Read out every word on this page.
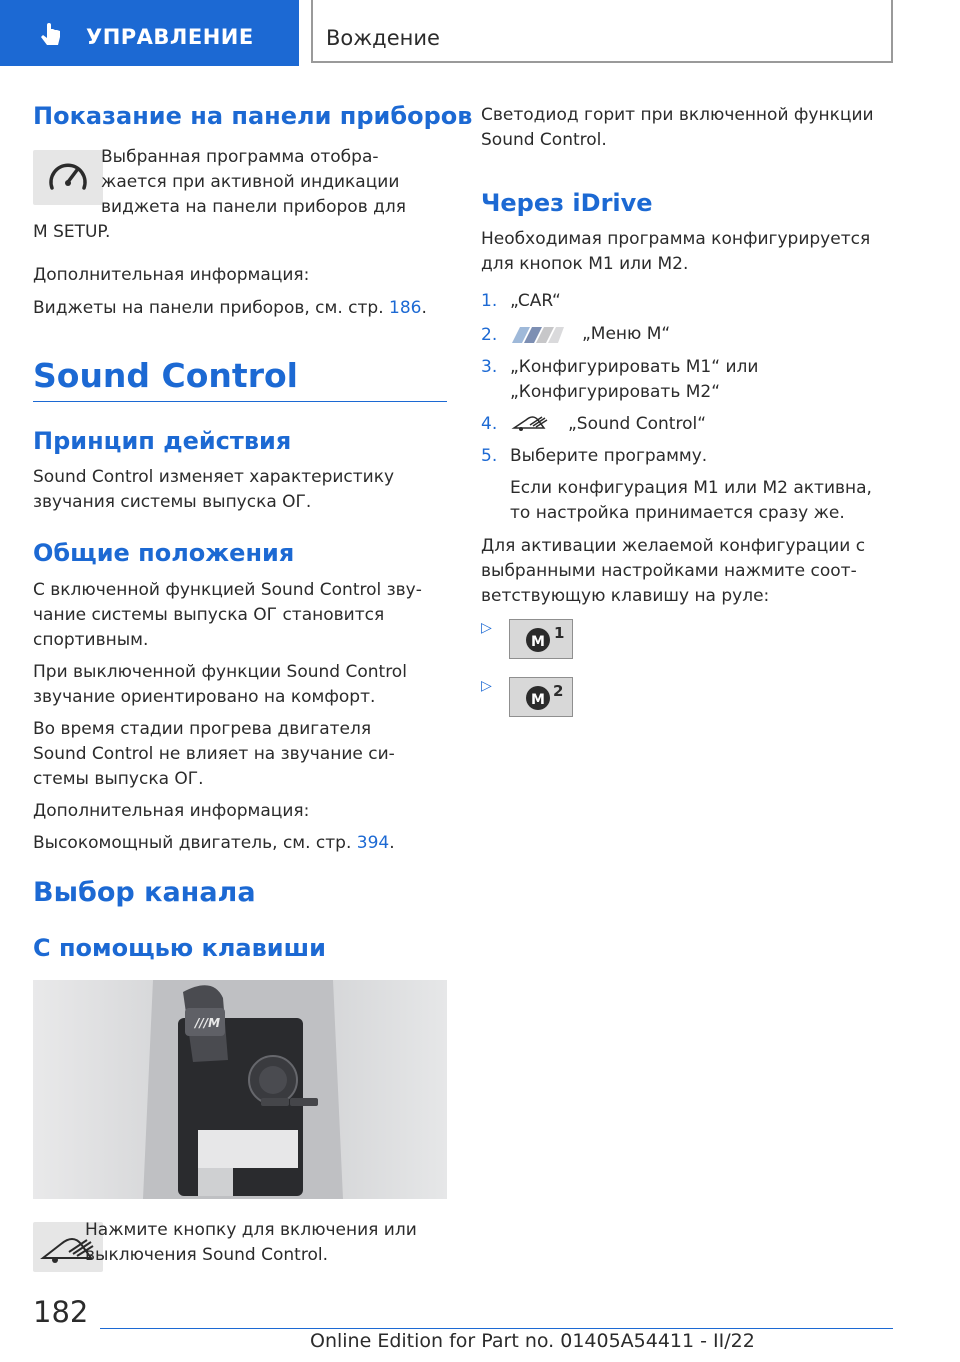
УПРАВЛЕНИЕ	Вождение
Показание на панели приборов

Выбранная программа отобра-

жается при активной индикации

виджета на панели приборов для

M SETUP.

Дополнительная информация:

Виджеты на панели приборов, см. стр. 186.

Sound Control
Принцип действия

Sound Control изменяет характеристику

звучания системы выпуска ОГ.

Общие положения

С включенной функцией Sound Control зву-

чание системы выпуска ОГ становится

спортивным.

При выключенной функции Sound Control

звучание ориентировано на комфорт.

Во время стадии прогрева двигателя

Sound Control не влияет на звучание си-

стемы выпуска ОГ.

Дополнительная информация:

Высокомощный двигатель, см. стр. 394.

Выбор канала
С помощью клавиши
///M

Нажмите кнопку для включения или

выключения Sound Control.

Светодиод горит при включенной функции

Sound Control.

Через iDrive

Необходимая программа конфигурируется

для кнопок M1 или M2.

1. „CAR“

2.	„Меню M“

3. „Конфигурировать M1“ или

„Конфигурировать M2“

4.	„Sound Control“

5. Выберите программу.

Если конфигурация M1 или M2 активна,

то настройка принимается сразу же.

Для активации желаемой конфигурации с

выбранными настройками нажмите соот-

ветствующую клавишу на руле:

▷
M 1
▷
M 2
182
Online Edition for Part no. 01405A54411 - II/22
